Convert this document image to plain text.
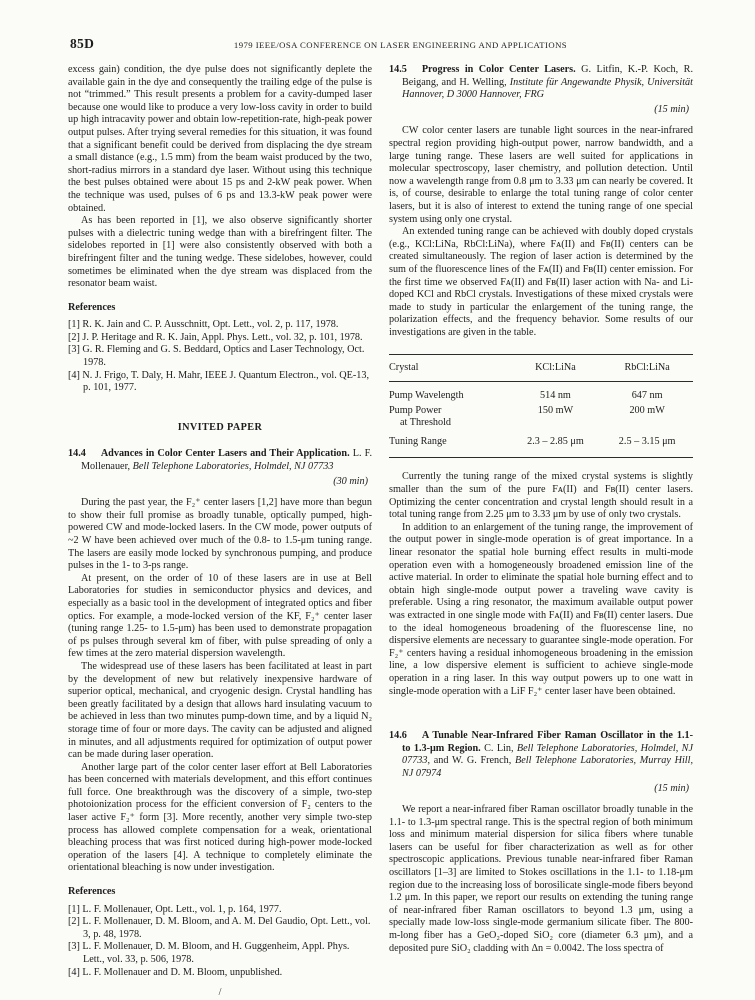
85D	1979 IEEE/OSA CONFERENCE ON LASER ENGINEERING AND APPLICATIONS

excess gain) condition, the dye pulse does not significantly deplete the available gain in the dye and consequently the trailing edge of the pulse is not “trimmed.” This result presents a problem for a cavity-dumped laser because one would like to produce a very low-loss cavity in order to build up high intracavity power and obtain low-repetition-rate, high-peak power output pulses. After trying several remedies for this situation, it was found that a significant benefit could be derived from displacing the dye stream a small distance (e.g., 1.5 mm) from the beam waist produced by the two, short-radius mirrors in a standard dye laser. Without using this technique the best pulses obtained were about 15 ps and 2-kW peak power. When the technique was used, pulses of 6 ps and 13.3-kW peak power were obtained.

As has been reported in [1], we also observe significantly shorter pulses with a dielectric tuning wedge than with a birefringent filter. The sidelobes reported in [1] were also consistently observed with both a birefringent filter and the tuning wedge. These sidelobes, however, could sometimes be eliminated when the dye stream was displaced from the resonator beam waist.

References

[1] R. K. Jain and C. P. Ausschnitt, Opt. Lett., vol. 2, p. 117, 1978.

[2] J. P. Heritage and R. K. Jain, Appl. Phys. Lett., vol. 32, p. 101, 1978.

[3] G. R. Fleming and G. S. Beddard, Optics and Laser Technology, Oct. 1978.

[4] N. J. Frigo, T. Daly, H. Mahr, IEEE J. Quantum Electron., vol. QE-13, p. 101, 1977.

INVITED PAPER
14.4 Advances in Color Center Lasers and Their Application. L. F. Mollenauer, Bell Telephone Laboratories, Holmdel, NJ 07733
(30 min)

During the past year, the F₂⁺ center lasers [1,2] have more than begun to show their full promise as broadly tunable, optically pumped, high-powered CW and mode-locked lasers. In the CW mode, power outputs of ~2 W have been achieved over much of the 0.8- to 1.5-μm tuning range. The lasers are easily mode locked by synchronous pumping, and produce pulses in the 1- to 3-ps range.

At present, on the order of 10 of these lasers are in use at Bell Laboratories for studies in semiconductor physics and devices, and especially as a basic tool in the development of integrated optics and fiber optics. For example, a mode-locked version of the KF, F₂⁺ center laser (tuning range 1.25- to 1.5-μm) has been used to demonstrate propagation of ps pulses through several km of fiber, with pulse spreading of only a few times at the zero material dispersion wavelength.

The widespread use of these lasers has been facilitated at least in part by the development of new but relatively inexpensive hardware of superior optical, mechanical, and cryogenic design. Crystal handling has been greatly facilitated by a design that allows hard insulating vacuum to be achieved in less than two minutes pump-down time, and by a liquid N₂ storage time of four or more days. The cavity can be adjusted and aligned in minutes, and all adjustments required for optimization of output power can be made during laser operation.

Another large part of the color center laser effort at Bell Laboratories has been concerned with materials development, and this effort continues full force. One breakthrough was the discovery of a simple, two-step photoionization process for the efficient conversion of F₂ centers to the laser active F₂⁺ form [3]. More recently, another very simple two-step process has allowed complete compensation for a weak, orientational bleaching process that was first noticed during high-power mode-locked operation of the lasers [4]. A technique to completely eliminate the orientational bleaching is now under investigation.

References

[1] L. F. Mollenauer, Opt. Lett., vol. 1, p. 164, 1977.

[2] L. F. Mollenauer, D. M. Bloom, and A. M. Del Gaudio, Opt. Lett., vol. 3, p. 48, 1978.

[3] L. F. Mollenauer, D. M. Bloom, and H. Guggenheim, Appl. Phys. Lett., vol. 33, p. 506, 1978.

[4] L. F. Mollenauer and D. M. Bloom, unpublished.

/
14.5 Progress in Color Center Lasers. G. Litfin, K.-P. Koch, R. Beigang, and H. Welling, Institute für Angewandte Physik, Universität Hannover, D 3000 Hannover, FRG
(15 min)

CW color center lasers are tunable light sources in the near-infrared spectral region providing high-output power, narrow bandwidth, and a large tuning range. These lasers are well suited for applications in molecular spectroscopy, laser chemistry, and pollution detection. Until now a wavelength range from 0.8 μm to 3.33 μm can nearly be covered. It is, of course, desirable to enlarge the total tuning range of color center lasers, but it is also of interest to extend the tuning range of one special system using only one crystal.

An extended tuning range can be achieved with doubly doped crystals (e.g., KCl:LiNa, RbCl:LiNa), where Fᴀ(II) and Fʙ(II) centers can be created simultaneously. The region of laser action is determined by the sum of the fluorescence lines of the Fᴀ(II) and Fʙ(II) center emission. For the first time we observed Fᴀ(II) and Fʙ(II) laser action with Na- and Li-doped KCl and RbCl crystals. Investigations of these mixed crystals were made to study in particular the enlargement of the tuning range, the polarization effects, and the frequency behavior. Some results of our investigations are given in the table.

Crystal	KCl:LiNa	RbCl:LiNa

Pump Wavelength	514 nm	647 nm

Pump Power
at Threshold	150 mW	200 mW

Tuning Range	2.3 – 2.85 μm	2.5 – 3.15 μm

Currently the tuning range of the mixed crystal systems is slightly smaller than the sum of the pure Fᴀ(II) and Fʙ(II) center lasers. Optimizing the center concentration and crystal length should result in a total tuning range from 2.25 μm to 3.33 μm by use of only two crystals.

In addition to an enlargement of the tuning range, the improvement of the output power in single-mode operation is of great importance. In a linear resonator the spatial hole burning effect results in multi-mode operation even with a homogeneously broadened emission line of the active material. In order to eliminate the spatial hole burning effect and to obtain high single-mode output power a traveling wave cavity is preferable. Using a ring resonator, the maximum available output power was extracted in one single mode with Fᴀ(II) and Fʙ(II) center lasers. Due to the ideal homogeneous broadening of the fluorescense line, no dispersive elements are necessary to guarantee single-mode operation. For F₂⁺ centers having a residual inhomogeneous broadening in the emission line, a low dispersive element is sufficient to achieve single-mode operation in a ring laser. In this way output powers up to one watt in single-mode operation with a LiF F₂⁺ center laser have been obtained.

14.6 A Tunable Near-Infrared Fiber Raman Oscillator in the 1.1- to 1.3-μm Region. C. Lin, Bell Telephone Laboratories, Holmdel, NJ 07733, and W. G. French, Bell Telephone Laboratories, Murray Hill, NJ 07974
(15 min)

We report a near-infrared fiber Raman oscillator broadly tunable in the 1.1- to 1.3-μm spectral range. This is the spectral region of both minimum loss and minimum material dispersion for silica fibers where tunable lasers can be useful for fiber characterization as well as for other spectroscopic applications. Previous tunable near-infrared fiber Raman oscillators [1–3] are limited to Stokes oscillations in the 1.1- to 1.18-μm region due to the increasing loss of borosilicate single-mode fibers beyond 1.2 μm. In this paper, we report our results on extending the tuning range of near-infrared fiber Raman oscillators to beyond 1.3 μm, using a specially made low-loss single-mode germanium silicate fiber. The 800-m-long fiber has a GeO₂-doped SiO₂ core (diameter 6.3 μm), and a deposited pure SiO₂ cladding with Δn = 0.0042. The loss spectra of
